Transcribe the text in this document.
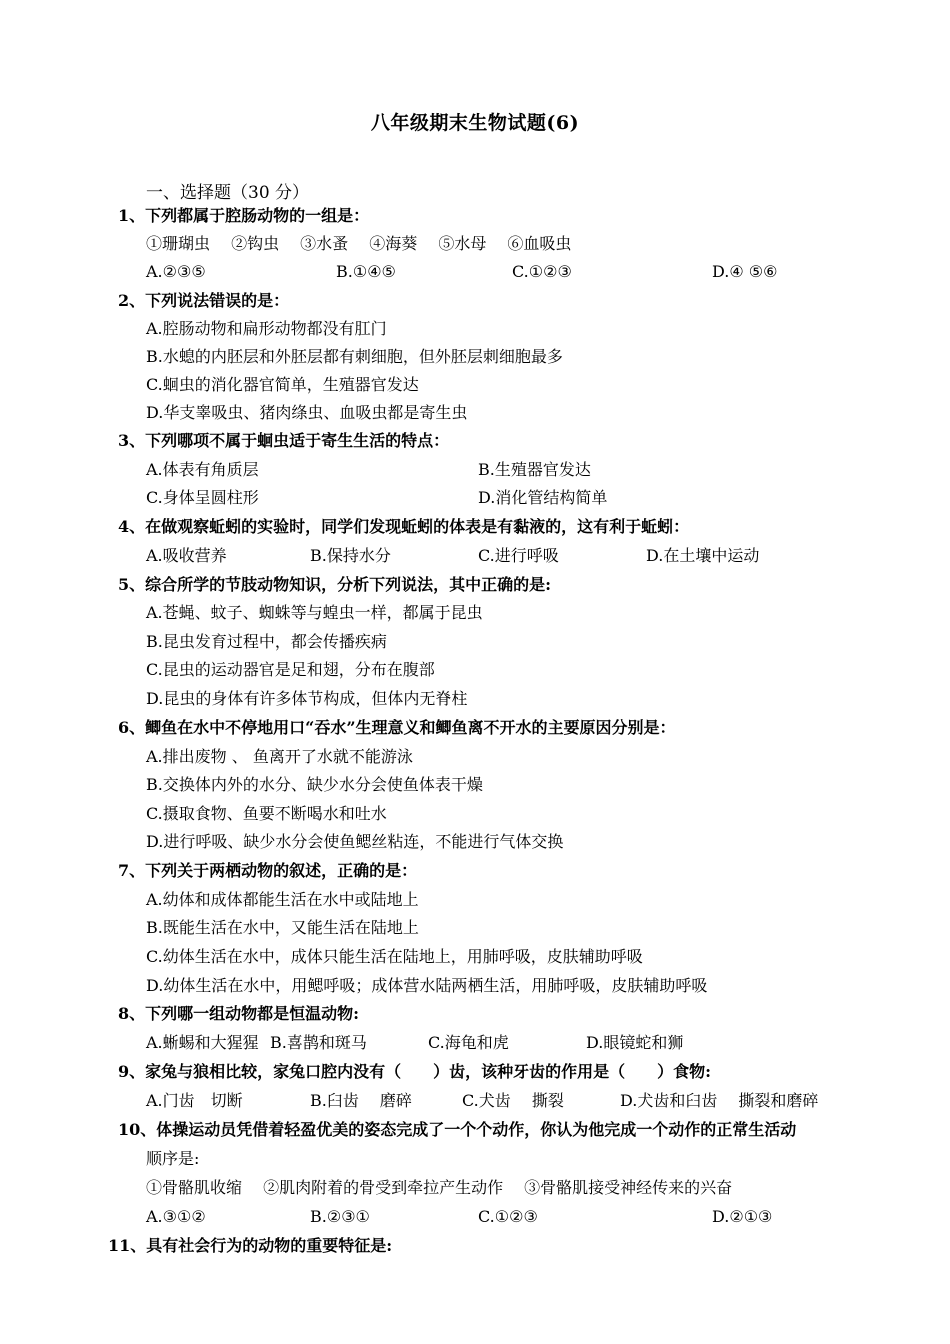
八年级期末生物试题(6)
一、选择题（30 分）
1、下列都属于腔肠动物的一组是：
①珊瑚虫　 ②钩虫　 ③水蚤　 ④海葵　 ⑤水母　 ⑥血吸虫
A.②③⑤	B.①④⑤	C.①②③	D.④ ⑤⑥
2、下列说法错误的是：
A.腔肠动物和扁形动物都没有肛门
B.水螅的内胚层和外胚层都有刺细胞，但外胚层刺细胞最多
C.蛔虫的消化器官简单，生殖器官发达
D.华支睾吸虫、猪肉绦虫、血吸虫都是寄生虫
3、下列哪项不属于蛔虫适于寄生生活的特点：
A.体表有角质层	B.生殖器官发达
C.身体呈圆柱形	D.消化管结构简单
4、在做观察蚯蚓的实验时，同学们发现蚯蚓的体表是有黏液的，这有利于蚯蚓：
A.吸收营养	B.保持水分	C.进行呼吸	D.在土壤中运动
5、综合所学的节肢动物知识，分析下列说法，其中正确的是:
A.苍蝇、蚊子、蜘蛛等与蝗虫一样，都属于昆虫
B.昆虫发育过程中，都会传播疾病
C.昆虫的运动器官是足和翅，分布在腹部
D.昆虫的身体有许多体节构成，但体内无脊柱
6、鲫鱼在水中不停地用口“吞水”生理意义和鲫鱼离不开水的主要原因分别是：
A.排出废物 、 鱼离开了水就不能游泳
B.交换体内外的水分、缺少水分会使鱼体表干燥
C.摄取食物、鱼要不断喝水和吐水
D.进行呼吸、缺少水分会使鱼鳃丝粘连，不能进行气体交换
7、下列关于两栖动物的叙述，正确的是：
A.幼体和成体都能生活在水中或陆地上
B.既能生活在水中，又能生活在陆地上
C.幼体生活在水中，成体只能生活在陆地上，用肺呼吸，皮肤辅助呼吸
D.幼体生活在水中，用鳃呼吸；成体营水陆两栖生活，用肺呼吸，皮肤辅助呼吸
8、下列哪一组动物都是恒温动物:
A.蜥蜴和大猩猩 B.喜鹊和斑马	C.海龟和虎	D.眼镜蛇和狮
9、家兔与狼相比较，家兔口腔内没有（　　）齿，该种牙齿的作用是（　　）食物:
A.门齿　切断	B.臼齿　 磨碎	C.犬齿　 撕裂	D.犬齿和臼齿　 撕裂和磨碎
10、体操运动员凭借着轻盈优美的姿态完成了一个个动作，你认为他完成一个动作的正常生活动
顺序是:
①骨骼肌收缩　 ②肌肉附着的骨受到牵拉产生动作　 ③骨骼肌接受神经传来的兴奋
A.③①②	B.②③①	C.①②③	D.②①③
11、具有社会行为的动物的重要特征是:
